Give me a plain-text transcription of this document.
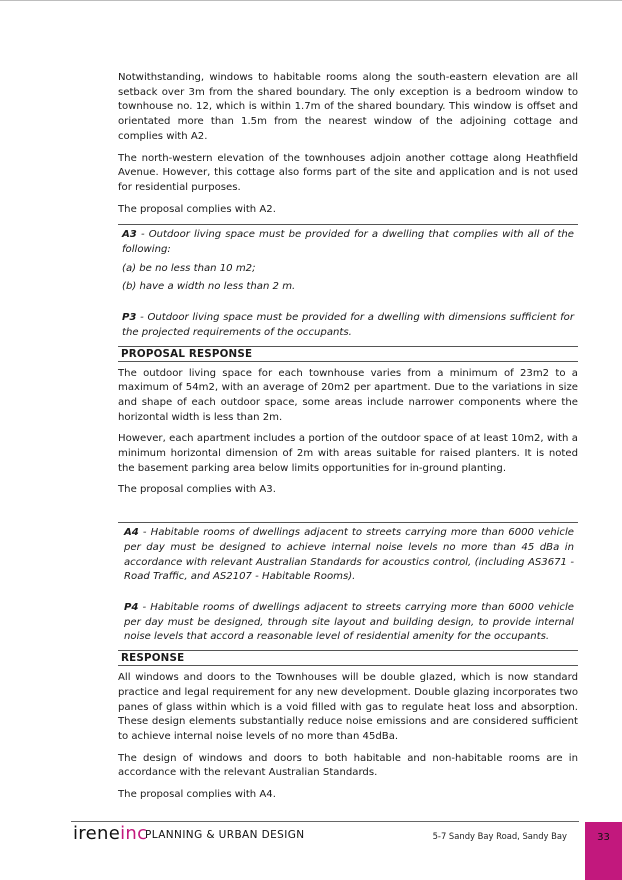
Notwithstanding, windows to habitable rooms along the south-eastern elevation are all setback over 3m from the shared boundary. The only exception is a bedroom window to townhouse no. 12, which is within 1.7m of the shared boundary. This window is offset and orientated more than 1.5m from the nearest window of the adjoining cottage and complies with A2.

The north-western elevation of the townhouses adjoin another cottage along Heathfield Avenue. However, this cottage also forms part of the site and application and is not used for residential purposes.

The proposal complies with A2.

A3 - Outdoor living space must be provided for a dwelling that complies with all of the following:

(a) be no less than 10 m2;

(b) have a width no less than 2 m.

P3 - Outdoor living space must be provided for a dwelling with dimensions sufficient for the projected requirements of the occupants.

PROPOSAL RESPONSE

The outdoor living space for each townhouse varies from a minimum of 23m2 to a maximum of 54m2, with an average of 20m2 per apartment. Due to the variations in size and shape of each outdoor space, some areas include narrower components where the horizontal width is less than 2m.

However, each apartment includes a portion of the outdoor space of at least 10m2, with a minimum horizontal dimension of 2m with areas suitable for raised planters. It is noted the basement parking area below limits opportunities for in-ground planting.

The proposal complies with A3.

A4 - Habitable rooms of dwellings adjacent to streets carrying more than 6000 vehicle per day must be designed to achieve internal noise levels no more than 45 dBa in accordance with relevant Australian Standards for acoustics control, (including AS3671 - Road Traffic, and AS2107 - Habitable Rooms).

P4 - Habitable rooms of dwellings adjacent to streets carrying more than 6000 vehicle per day must be designed, through site layout and building design, to provide internal noise levels that accord a reasonable level of residential amenity for the occupants.

RESPONSE

All windows and doors to the Townhouses will be double glazed, which is now standard practice and legal requirement for any new development. Double glazing incorporates two panes of glass within which is a void filled with gas to regulate heat loss and absorption. These design elements substantially reduce noise emissions and are considered sufficient to achieve internal noise levels of no more than 45dBa.

The design of windows and doors to both habitable and non-habitable rooms are in accordance with the relevant Australian Standards.

The proposal complies with A4.

ireneinc
PLANNING & URBAN DESIGN	5-7 Sandy Bay Road, Sandy Bay	33
